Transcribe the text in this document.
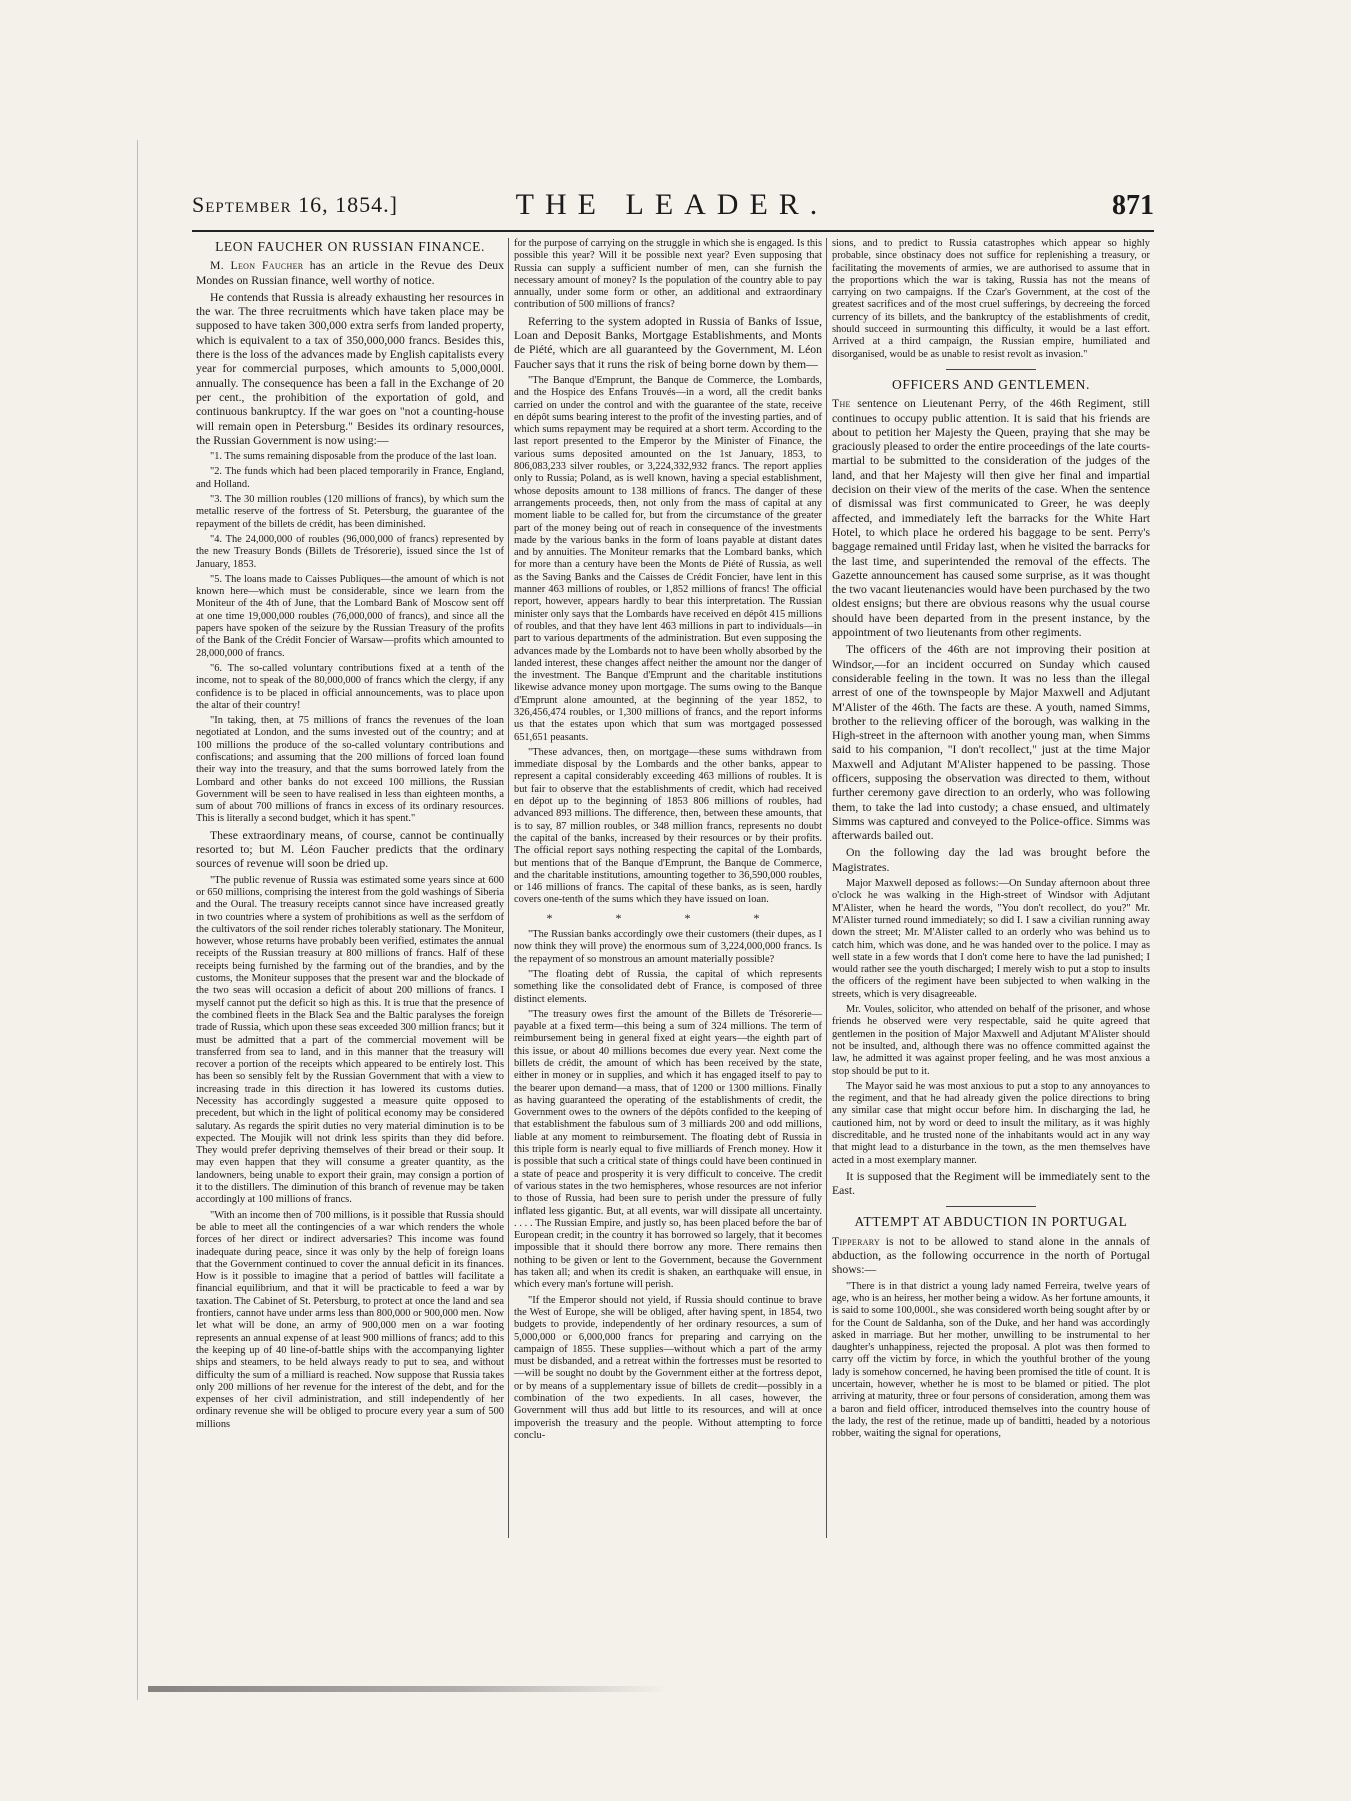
September 16, 1854.]	THE LEADER.	871
LEON FAUCHER ON RUSSIAN FINANCE.

M. Leon Faucher has an article in the Revue des Deux Mondes on Russian finance, well worthy of notice.

He contends that Russia is already exhausting her resources in the war. The three recruitments which have taken place may be supposed to have taken 300,000 extra serfs from landed property, which is equivalent to a tax of 350,000,000 francs. Besides this, there is the loss of the advances made by English capitalists every year for commercial purposes, which amounts to 5,000,000l. annually. The consequence has been a fall in the Exchange of 20 per cent., the prohibition of the exportation of gold, and continuous bankruptcy. If the war goes on "not a counting-house will remain open in Petersburg." Besides its ordinary resources, the Russian Government is now using:—

"1. The sums remaining disposable from the produce of the last loan.

"2. The funds which had been placed temporarily in France, England, and Holland.

"3. The 30 million roubles (120 millions of francs), by which sum the metallic reserve of the fortress of St. Petersburg, the guarantee of the repayment of the billets de crédit, has been diminished.

"4. The 24,000,000 of roubles (96,000,000 of francs) represented by the new Treasury Bonds (Billets de Trésorerie), issued since the 1st of January, 1853.

"5. The loans made to Caisses Publiques—the amount of which is not known here—which must be considerable, since we learn from the Moniteur of the 4th of June, that the Lombard Bank of Moscow sent off at one time 19,000,000 roubles (76,000,000 of francs), and since all the papers have spoken of the seizure by the Russian Treasury of the profits of the Bank of the Crédit Foncier of Warsaw—profits which amounted to 28,000,000 of francs.

"6. The so-called voluntary contributions fixed at a tenth of the income, not to speak of the 80,000,000 of francs which the clergy, if any confidence is to be placed in official announcements, was to place upon the altar of their country!

"In taking, then, at 75 millions of francs the revenues of the loan negotiated at London, and the sums invested out of the country; and at 100 millions the produce of the so-called voluntary contributions and confiscations; and assuming that the 200 millions of forced loan found their way into the treasury, and that the sums borrowed lately from the Lombard and other banks do not exceed 100 millions, the Russian Government will be seen to have realised in less than eighteen months, a sum of about 700 millions of francs in excess of its ordinary resources. This is literally a second budget, which it has spent."

These extraordinary means, of course, cannot be continually resorted to; but M. Léon Faucher predicts that the ordinary sources of revenue will soon be dried up.

"The public revenue of Russia was estimated some years since at 600 or 650 millions, comprising the interest from the gold washings of Siberia and the Oural. The treasury receipts cannot since have increased greatly in two countries where a system of prohibitions as well as the serfdom of the cultivators of the soil render riches tolerably stationary. The Moniteur, however, whose returns have probably been verified, estimates the annual receipts of the Russian treasury at 800 millions of francs. Half of these receipts being furnished by the farming out of the brandies, and by the customs, the Moniteur supposes that the present war and the blockade of the two seas will occasion a deficit of about 200 millions of francs. I myself cannot put the deficit so high as this. It is true that the presence of the combined fleets in the Black Sea and the Baltic paralyses the foreign trade of Russia, which upon these seas exceeded 300 million francs; but it must be admitted that a part of the commercial movement will be transferred from sea to land, and in this manner that the treasury will recover a portion of the receipts which appeared to be entirely lost. This has been so sensibly felt by the Russian Government that with a view to increasing trade in this direction it has lowered its customs duties. Necessity has accordingly suggested a measure quite opposed to precedent, but which in the light of political economy may be considered salutary. As regards the spirit duties no very material diminution is to be expected. The Moujik will not drink less spirits than they did before. They would prefer depriving themselves of their bread or their soup. It may even happen that they will consume a greater quantity, as the landowners, being unable to export their grain, may consign a portion of it to the distillers. The diminution of this branch of revenue may be taken accordingly at 100 millions of francs.

"With an income then of 700 millions, is it possible that Russia should be able to meet all the contingencies of a war which renders the whole forces of her direct or indirect adversaries? This income was found inadequate during peace, since it was only by the help of foreign loans that the Government continued to cover the annual deficit in its finances. How is it possible to imagine that a period of battles will facilitate a financial equilibrium, and that it will be practicable to feed a war by taxation. The Cabinet of St. Petersburg, to protect at once the land and sea frontiers, cannot have under arms less than 800,000 or 900,000 men. Now let what will be done, an army of 900,000 men on a war footing represents an annual expense of at least 900 millions of francs; add to this the keeping up of 40 line-of-battle ships with the accompanying lighter ships and steamers, to be held always ready to put to sea, and without difficulty the sum of a milliard is reached. Now suppose that Russia takes only 200 millions of her revenue for the interest of the debt, and for the expenses of her civil administration, and still independently of her ordinary revenue she will be obliged to procure every year a sum of 500 millions

for the purpose of carrying on the struggle in which she is engaged. Is this possible this year? Will it be possible next year? Even supposing that Russia can supply a sufficient number of men, can she furnish the necessary amount of money? Is the population of the country able to pay annually, under some form or other, an additional and extraordinary contribution of 500 millions of francs?

Referring to the system adopted in Russia of Banks of Issue, Loan and Deposit Banks, Mortgage Establishments, and Monts de Piété, which are all guaranteed by the Government, M. Léon Faucher says that it runs the risk of being borne down by them—

"The Banque d'Emprunt, the Banque de Commerce, the Lombards, and the Hospice des Enfans Trouvés—in a word, all the credit banks carried on under the control and with the guarantee of the state, receive en dépôt sums bearing interest to the profit of the investing parties, and of which sums repayment may be required at a short term. According to the last report presented to the Emperor by the Minister of Finance, the various sums deposited amounted on the 1st January, 1853, to 806,083,233 silver roubles, or 3,224,332,932 francs. The report applies only to Russia; Poland, as is well known, having a special establishment, whose deposits amount to 138 millions of francs. The danger of these arrangements proceeds, then, not only from the mass of capital at any moment liable to be called for, but from the circumstance of the greater part of the money being out of reach in consequence of the investments made by the various banks in the form of loans payable at distant dates and by annuities. The Moniteur remarks that the Lombard banks, which for more than a century have been the Monts de Piété of Russia, as well as the Saving Banks and the Caisses de Crédit Foncier, have lent in this manner 463 millions of roubles, or 1,852 millions of francs! The official report, however, appears hardly to bear this interpretation. The Russian minister only says that the Lombards have received en dépôt 415 millions of roubles, and that they have lent 463 millions in part to individuals—in part to various departments of the administration. But even supposing the advances made by the Lombards not to have been wholly absorbed by the landed interest, these changes affect neither the amount nor the danger of the investment. The Banque d'Emprunt and the charitable institutions likewise advance money upon mortgage. The sums owing to the Banque d'Emprunt alone amounted, at the beginning of the year 1852, to 326,456,474 roubles, or 1,300 millions of francs, and the report informs us that the estates upon which that sum was mortgaged possessed 651,651 peasants.

"These advances, then, on mortgage—these sums withdrawn from immediate disposal by the Lombards and the other banks, appear to represent a capital considerably exceeding 463 millions of roubles. It is but fair to observe that the establishments of credit, which had received en dépot up to the beginning of 1853 806 millions of roubles, had advanced 893 millions. The difference, then, between these amounts, that is to say, 87 million roubles, or 348 million francs, represents no doubt the capital of the banks, increased by their resources or by their profits. The official report says nothing respecting the capital of the Lombards, but mentions that of the Banque d'Emprunt, the Banque de Commerce, and the charitable institutions, amounting together to 36,590,000 roubles, or 146 millions of francs. The capital of these banks, as is seen, hardly covers one-tenth of the sums which they have issued on loan.

* * * *

"The Russian banks accordingly owe their customers (their dupes, as I now think they will prove) the enormous sum of 3,224,000,000 francs. Is the repayment of so monstrous an amount materially possible?

"The floating debt of Russia, the capital of which represents something like the consolidated debt of France, is composed of three distinct elements.

"The treasury owes first the amount of the Billets de Trésorerie—payable at a fixed term—this being a sum of 324 millions. The term of reimbursement being in general fixed at eight years—the eighth part of this issue, or about 40 millions becomes due every year. Next come the billets de crédit, the amount of which has been received by the state, either in money or in supplies, and which it has engaged itself to pay to the bearer upon demand—a mass, that of 1200 or 1300 millions. Finally as having guaranteed the operating of the establishments of credit, the Government owes to the owners of the dépôts confided to the keeping of that establishment the fabulous sum of 3 milliards 200 and odd millions, liable at any moment to reimbursement. The floating debt of Russia in this triple form is nearly equal to five milliards of French money. How it is possible that such a critical state of things could have been continued in a state of peace and prosperity it is very difficult to conceive. The credit of various states in the two hemispheres, whose resources are not inferior to those of Russia, had been sure to perish under the pressure of fully inflated less gigantic. But, at all events, war will dissipate all uncertainty. . . . . The Russian Empire, and justly so, has been placed before the bar of European credit; in the country it has borrowed so largely, that it becomes impossible that it should there borrow any more. There remains then nothing to be given or lent to the Government, because the Government has taken all; and when its credit is shaken, an earthquake will ensue, in which every man's fortune will perish.

"If the Emperor should not yield, if Russia should continue to brave the West of Europe, she will be obliged, after having spent, in 1854, two budgets to provide, independently of her ordinary resources, a sum of 5,000,000 or 6,000,000 francs for preparing and carrying on the campaign of 1855. These supplies—without which a part of the army must be disbanded, and a retreat within the fortresses must be resorted to—will be sought no doubt by the Government either at the fortress depot, or by means of a supplementary issue of billets de credit—possibly in a combination of the two expedients. In all cases, however, the Government will thus add but little to its resources, and will at once impoverish the treasury and the people. Without attempting to force conclu-

sions, and to predict to Russia catastrophes which appear so highly probable, since obstinacy does not suffice for replenishing a treasury, or facilitating the movements of armies, we are authorised to assume that in the proportions which the war is taking, Russia has not the means of carrying on two campaigns. If the Czar's Government, at the cost of the greatest sacrifices and of the most cruel sufferings, by decreeing the forced currency of its billets, and the bankruptcy of the establishments of credit, should succeed in surmounting this difficulty, it would be a last effort. Arrived at a third campaign, the Russian empire, humiliated and disorganised, would be as unable to resist revolt as invasion."

OFFICERS AND GENTLEMEN.

The sentence on Lieutenant Perry, of the 46th Regiment, still continues to occupy public attention. It is said that his friends are about to petition her Majesty the Queen, praying that she may be graciously pleased to order the entire proceedings of the late courts-martial to be submitted to the consideration of the judges of the land, and that her Majesty will then give her final and impartial decision on their view of the merits of the case. When the sentence of dismissal was first communicated to Greer, he was deeply affected, and immediately left the barracks for the White Hart Hotel, to which place he ordered his baggage to be sent. Perry's baggage remained until Friday last, when he visited the barracks for the last time, and superintended the removal of the effects. The Gazette announcement has caused some surprise, as it was thought the two vacant lieutenancies would have been purchased by the two oldest ensigns; but there are obvious reasons why the usual course should have been departed from in the present instance, by the appointment of two lieutenants from other regiments.

The officers of the 46th are not improving their position at Windsor,—for an incident occurred on Sunday which caused considerable feeling in the town. It was no less than the illegal arrest of one of the townspeople by Major Maxwell and Adjutant M'Alister of the 46th. The facts are these. A youth, named Simms, brother to the relieving officer of the borough, was walking in the High-street in the afternoon with another young man, when Simms said to his companion, "I don't recollect," just at the time Major Maxwell and Adjutant M'Alister happened to be passing. Those officers, supposing the observation was directed to them, without further ceremony gave direction to an orderly, who was following them, to take the lad into custody; a chase ensued, and ultimately Simms was captured and conveyed to the Police-office. Simms was afterwards bailed out.

On the following day the lad was brought before the Magistrates.

Major Maxwell deposed as follows:—On Sunday afternoon about three o'clock he was walking in the High-street of Windsor with Adjutant M'Alister, when he heard the words, "You don't recollect, do you?" Mr. M'Alister turned round immediately; so did I. I saw a civilian running away down the street; Mr. M'Alister called to an orderly who was behind us to catch him, which was done, and he was handed over to the police. I may as well state in a few words that I don't come here to have the lad punished; I would rather see the youth discharged; I merely wish to put a stop to insults the officers of the regiment have been subjected to when walking in the streets, which is very disagreeable.

Mr. Voules, solicitor, who attended on behalf of the prisoner, and whose friends he observed were very respectable, said he quite agreed that gentlemen in the position of Major Maxwell and Adjutant M'Alister should not be insulted, and, although there was no offence committed against the law, he admitted it was against proper feeling, and he was most anxious a stop should be put to it.

The Mayor said he was most anxious to put a stop to any annoyances to the regiment, and that he had already given the police directions to bring any similar case that might occur before him. In discharging the lad, he cautioned him, not by word or deed to insult the military, as it was highly discreditable, and he trusted none of the inhabitants would act in any way that might lead to a disturbance in the town, as the men themselves have acted in a most exemplary manner.

It is supposed that the Regiment will be immediately sent to the East.

ATTEMPT AT ABDUCTION IN PORTUGAL

Tipperary is not to be allowed to stand alone in the annals of abduction, as the following occurrence in the north of Portugal shows:—

"There is in that district a young lady named Ferreira, twelve years of age, who is an heiress, her mother being a widow. As her fortune amounts, it is said to some 100,000l., she was considered worth being sought after by or for the Count de Saldanha, son of the Duke, and her hand was accordingly asked in marriage. But her mother, unwilling to be instrumental to her daughter's unhappiness, rejected the proposal. A plot was then formed to carry off the victim by force, in which the youthful brother of the young lady is somehow concerned, he having been promised the title of count. It is uncertain, however, whether he is most to be blamed or pitied. The plot arriving at maturity, three or four persons of consideration, among them was a baron and field officer, introduced themselves into the country house of the lady, the rest of the retinue, made up of banditti, headed by a notorious robber, waiting the signal for operations,
